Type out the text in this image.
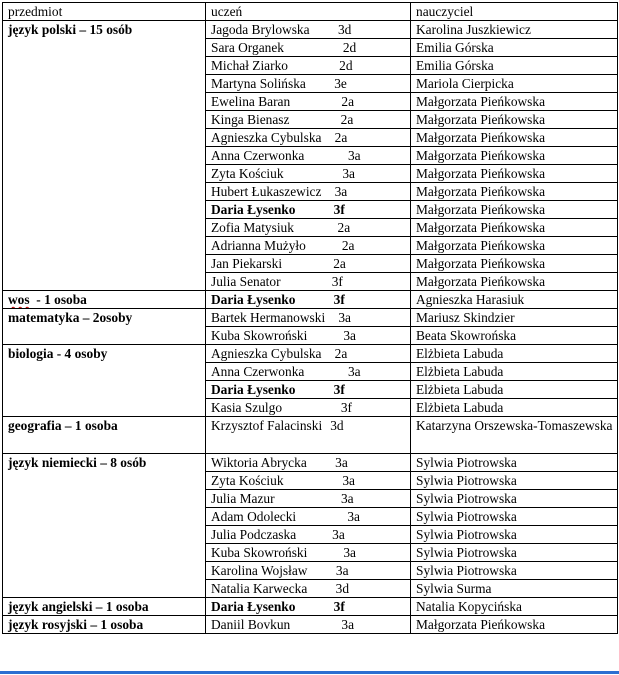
przedmiot	uczeń	nauczyciel
język polski – 15 osób	Jagoda Brylowska 3d	Karolina Juszkiewicz
	Sara Organek 2d	Emilia Górska
	Michał Ziarko 2d	Emilia Górska
	Martyna Solińska 3e	Mariola Cierpicka
	Ewelina Baran 2a	Małgorzata Pieńkowska
	Kinga Bienasz 2a	Małgorzata Pieńkowska
	Agnieszka Cybulska 2a	Małgorzata Pieńkowska
	Anna Czerwonka 3a	Małgorzata Pieńkowska
	Zyta Kościuk 3a	Małgorzata Pieńkowska
	Hubert Łukaszewicz 3a	Małgorzata Pieńkowska
	Daria Łysenko 3f	Małgorzata Pieńkowska
	Zofia Matysiuk 2a	Małgorzata Pieńkowska
	Adrianna Mużyło 2a	Małgorzata Pieńkowska
	Jan Piekarski 2a	Małgorzata Pieńkowska
	Julia Senator 3f	Małgorzata Pieńkowska
wos  - 1 osoba	Daria Łysenko 3f	Agnieszka Harasiuk
matematyka – 2osoby	Bartek Hermanowski 3a	Mariusz Skindzier
	Kuba Skowroński 3a	Beata Skowrońska
biologia - 4 osoby	Agnieszka Cybulska 2a	Elżbieta Labuda
	Anna Czerwonka 3a	Elżbieta Labuda
	Daria Łysenko 3f	Elżbieta Labuda
	Kasia Szulgo 3f	Elżbieta Labuda
geografia – 1 osoba	Krzysztof Falacinski 3d	Katarzyna Orszewska-Tomaszewska
język niemiecki – 8 osób	Wiktoria Abrycka 3a	Sylwia Piotrowska
	Zyta Kościuk 3a	Sylwia Piotrowska
	Julia Mazur 3a	Sylwia Piotrowska
	Adam Odolecki 3a	Sylwia Piotrowska
	Julia Podczaska 3a	Sylwia Piotrowska
	Kuba Skowroński 3a	Sylwia Piotrowska
	Karolina Wojsław 3a	Sylwia Piotrowska
	Natalia Karwecka 3d	Sylwia Surma
język angielski – 1 osoba	Daria Łysenko 3f	Natalia Kopycińska
język rosyjski – 1 osoba	Daniil Bovkun 3a	Małgorzata Pieńkowska
